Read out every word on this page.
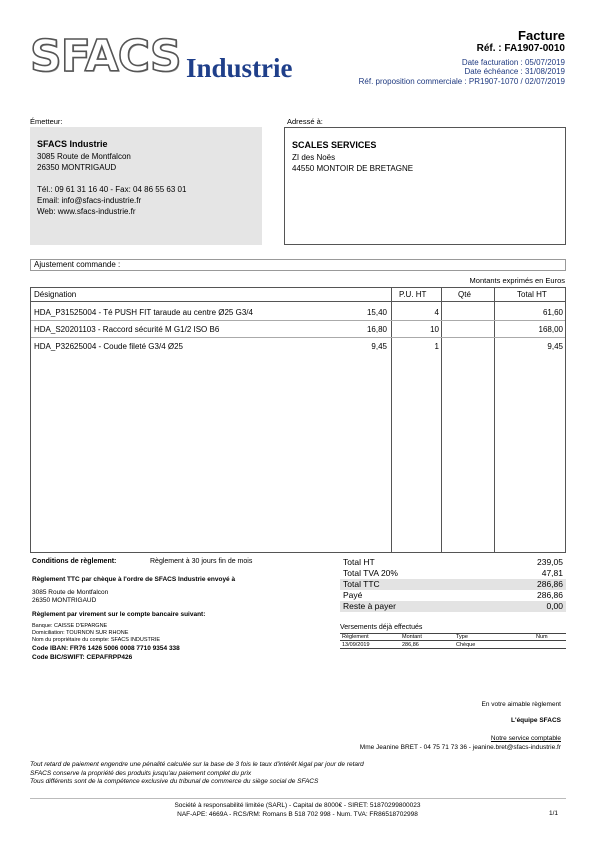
SFACS Industrie
Facture
Réf. : FA1907-0010
Date facturation : 05/07/2019
Date échéance : 31/08/2019
Réf. proposition commerciale : PR1907-1070 / 02/07/2019
Émetteur:
SFACS Industrie
3085 Route de Montfalcon
26350 MONTRIGAUD
Tél.: 09 61 31 16 40 - Fax: 04 86 55 63 01
Email: info@sfacs-industrie.fr
Web: www.sfacs-industrie.fr
Adressé à:
SCALES SERVICES
ZI des Noës
44550 MONTOIR DE BRETAGNE
Ajustement commande :
Montants exprimés en Euros
Désignation	P.U. HT	Qté	Total HT
HDA_P31525004 - Té PUSH FIT taraude au centre Ø25 G3/4	15,40	4	61,60
HDA_S20201103 - Raccord sécurité M G1/2 ISO B6	16,80	10	168,00
HDA_P32625004 - Coude fileté G3/4 Ø25	9,45	1	9,45
Conditions de règlement:	Règlement à 30 jours fin de mois
Règlement TTC par chèque à l'ordre de SFACS Industrie envoyé à
3085 Route de Montfalcon
26350 MONTRIGAUD
Règlement par virement sur le compte bancaire suivant:
Banque: CAISSE D'EPARGNE
Domiciliation: TOURNON SUR RHONE
Nom du propriétaire du compte: SFACS INDUSTRIE
Code IBAN: FR76 1426 5006 0008 7710 9354 338
Code BIC/SWIFT: CEPAFRPP426
Total HT	239,05
Total TVA 20%	47,81
Total TTC	286,86
Payé	286,86
Reste à payer	0,00
Versements déjà effectués
Règlement	Montant	Type	Num
13/09/2019	286,86	Chèque
En votre aimable règlement
L'équipe SFACS
Notre service comptable
Mme Jeanine BRET - 04 75 71 73 36 - jeanine.bret@sfacs-industrie.fr
Tout retard de paiement engendre une pénalité calculée sur la base de 3 fois le taux d'intérêt légal par jour de retard
SFACS conserve la propriété des produits jusqu'au paiement complet du prix
Tous différents sont de la compétence exclusive du tribunal de commerce du siège social de SFACS
Société à responsabilité limitée (SARL) - Capital de 8000€ - SIRET: 51870299800023
NAF-APE: 4669A - RCS/RM: Romans B 518 702 998 - Num. TVA: FR86518702998	1/1
